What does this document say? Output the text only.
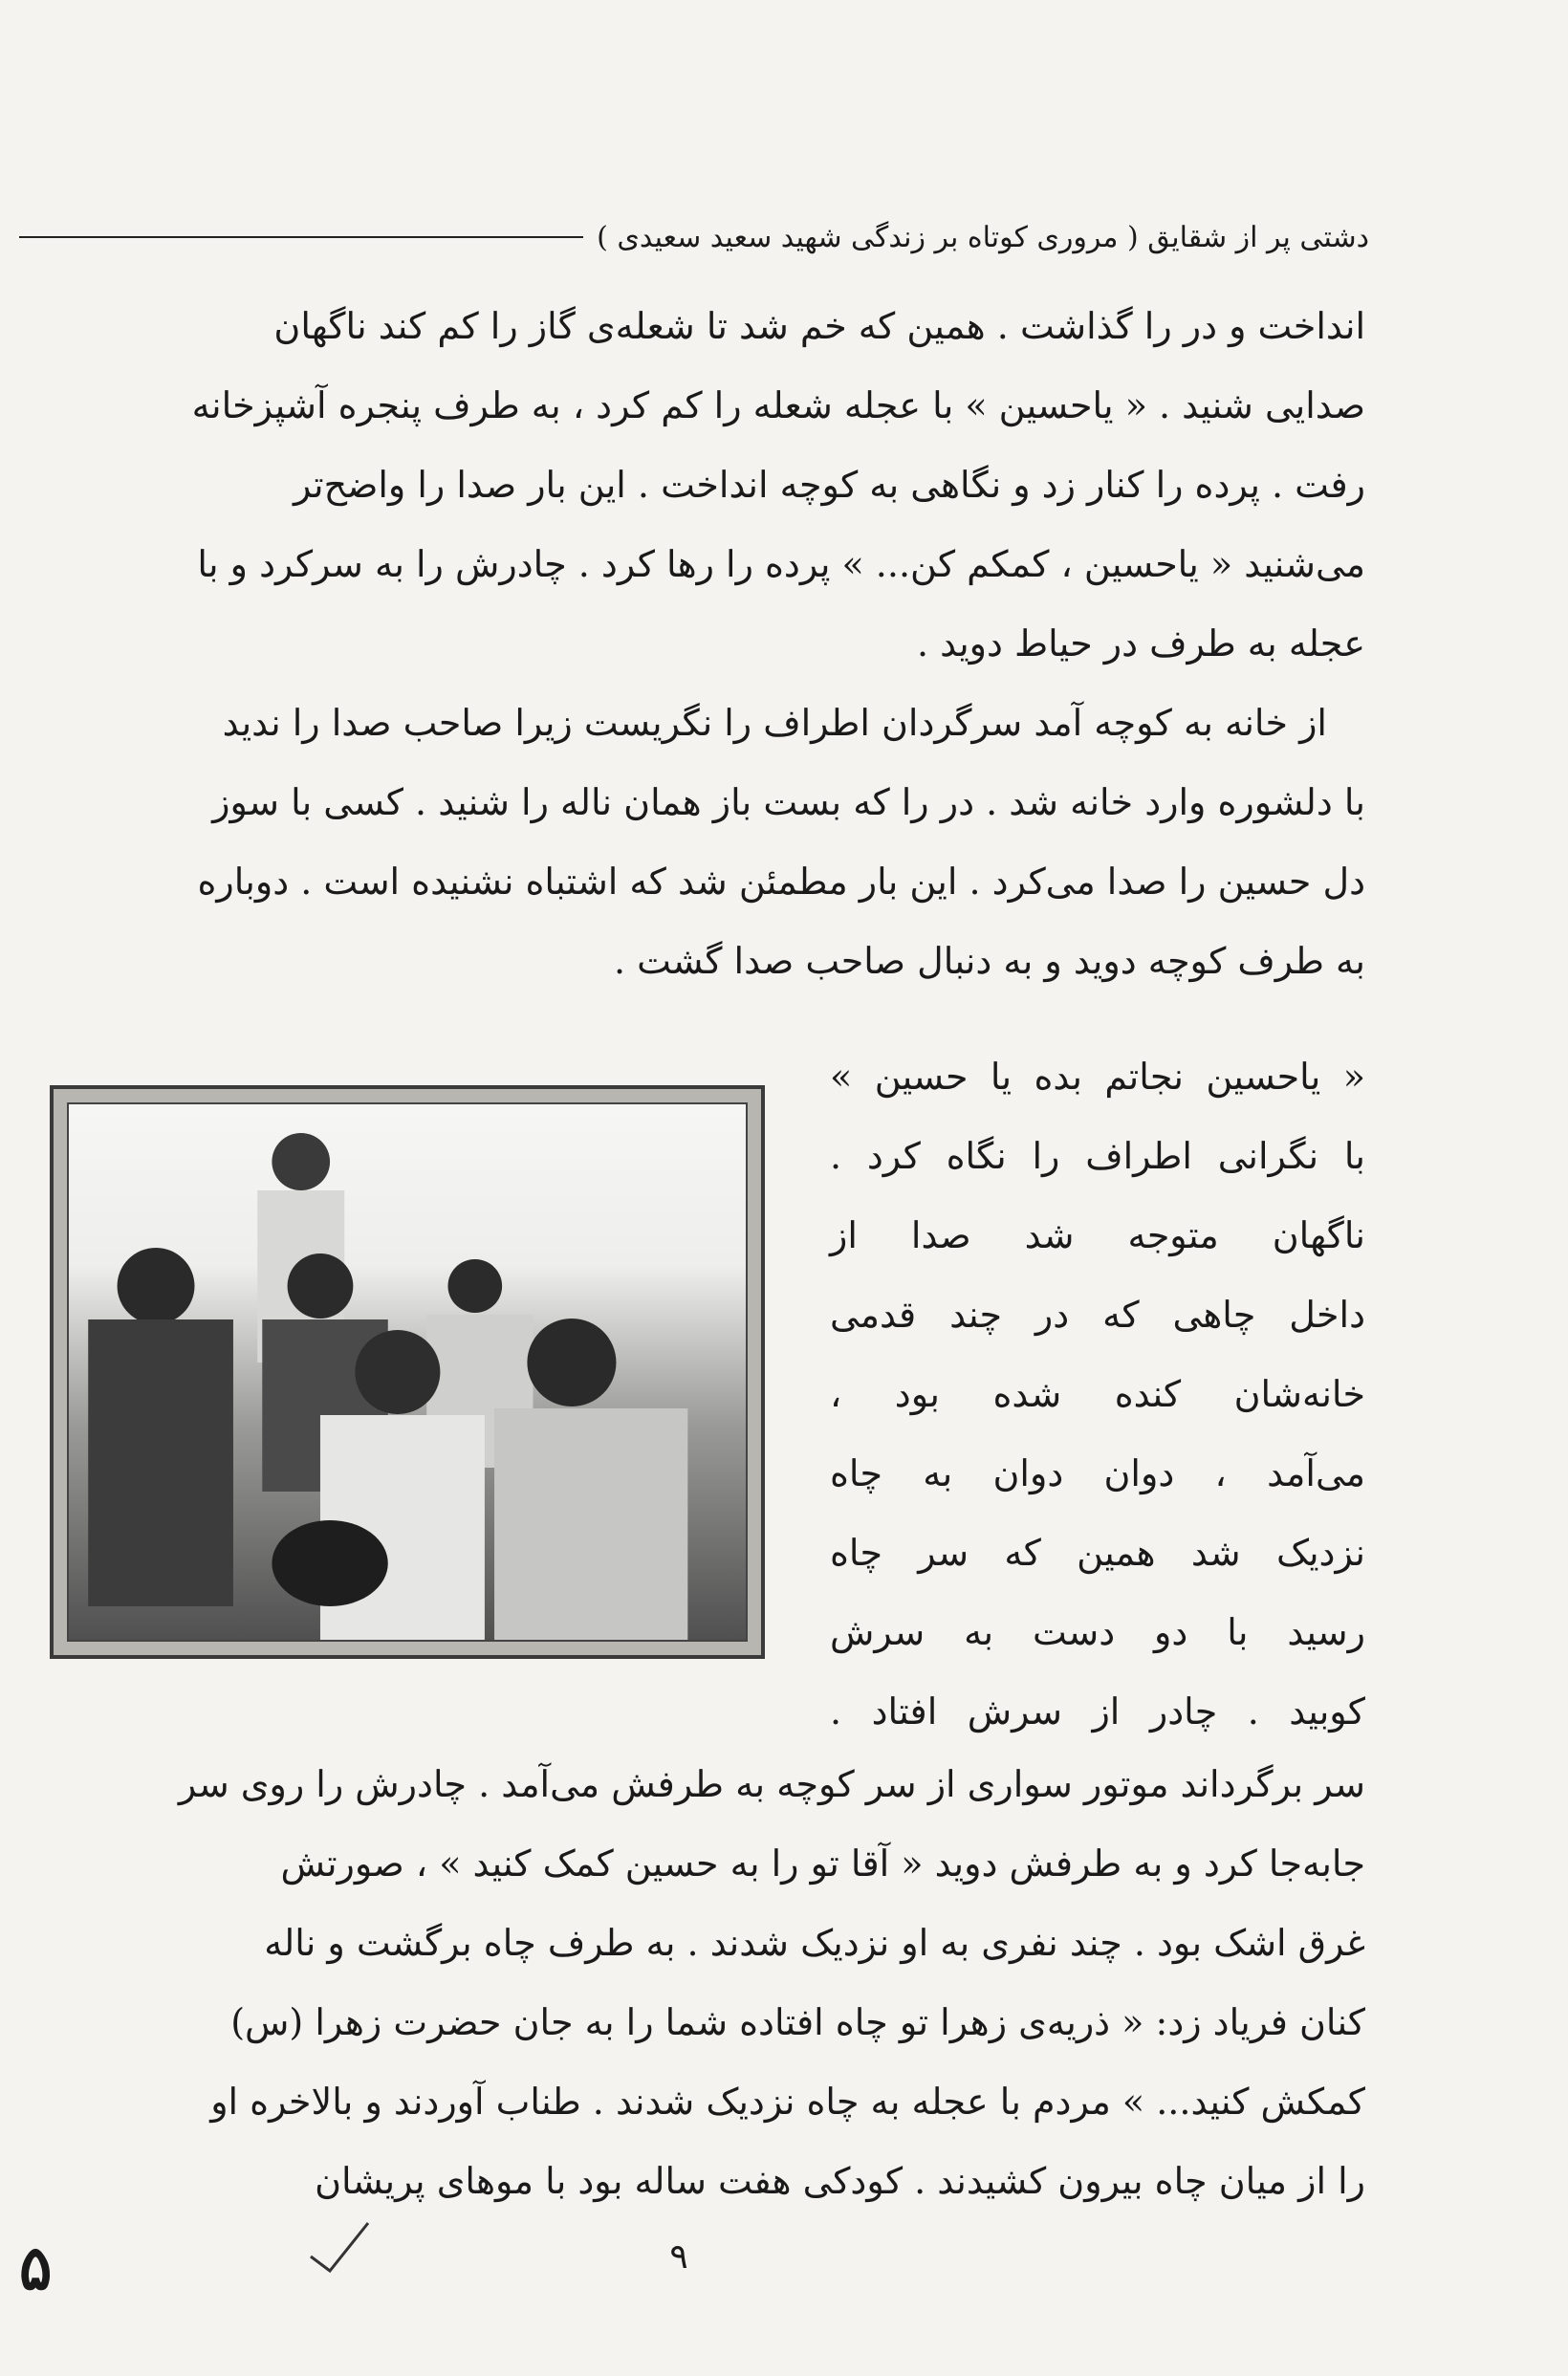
دشتی پر از شقایق ( مروری کوتاه بر زندگی شهید سعید سعیدی )
انداخت و در را گذاشت . همین که خم شد تا شعله‌ی گاز را کم کند ناگهان
صدایی شنید . « یاحسین » با عجله شعله را کم کرد ، به طرف پنجره آشپزخانه
رفت . پرده را کنار زد و نگاهی به کوچه انداخت . این بار صدا را واضح‌تر
می‌شنید « یاحسین ، کمکم کن... » پرده را رها کرد . چادرش را به سرکرد و با
عجله به طرف در حیاط دوید .
از خانه به کوچه آمد سرگردان اطراف را نگریست زیرا صاحب صدا را ندید
با دلشوره وارد خانه شد . در را که بست باز همان ناله را شنید . کسی با سوز
دل حسین را صدا می‌کرد . این بار مطمئن شد که اشتباه نشنیده است . دوباره
به طرف کوچه دوید و به دنبال صاحب صدا گشت .
« یاحسین نجاتم بده یا حسین »
با نگرانی اطراف را نگاه کرد .
ناگهان متوجه شد صدا از
داخل چاهی که در چند قدمی
خانه‌شان کنده شده بود ،
می‌آمد ، دوان دوان به چاه
نزدیک شد همین که سر چاه
رسید با دو دست به سرش
کوبید . چادر از سرش افتاد .
سر برگرداند موتور سواری از سر کوچه به طرفش می‌آمد . چادرش را روی سر
جابه‌جا کرد و به طرفش دوید « آقا تو را به حسین کمک کنید » ، صورتش
غرق اشک بود . چند نفری به او نزدیک شدند . به طرف چاه برگشت و ناله
کنان فریاد زد: « ذریه‌ی زهرا تو چاه افتاده شما را به جان حضرت زهرا (س)
کمکش کنید... » مردم با عجله به چاه نزدیک شدند . طناب آوردند و بالاخره او
را از میان چاه بیرون کشیدند . کودکی هفت ساله بود با موهای پریشان
۵	۹
